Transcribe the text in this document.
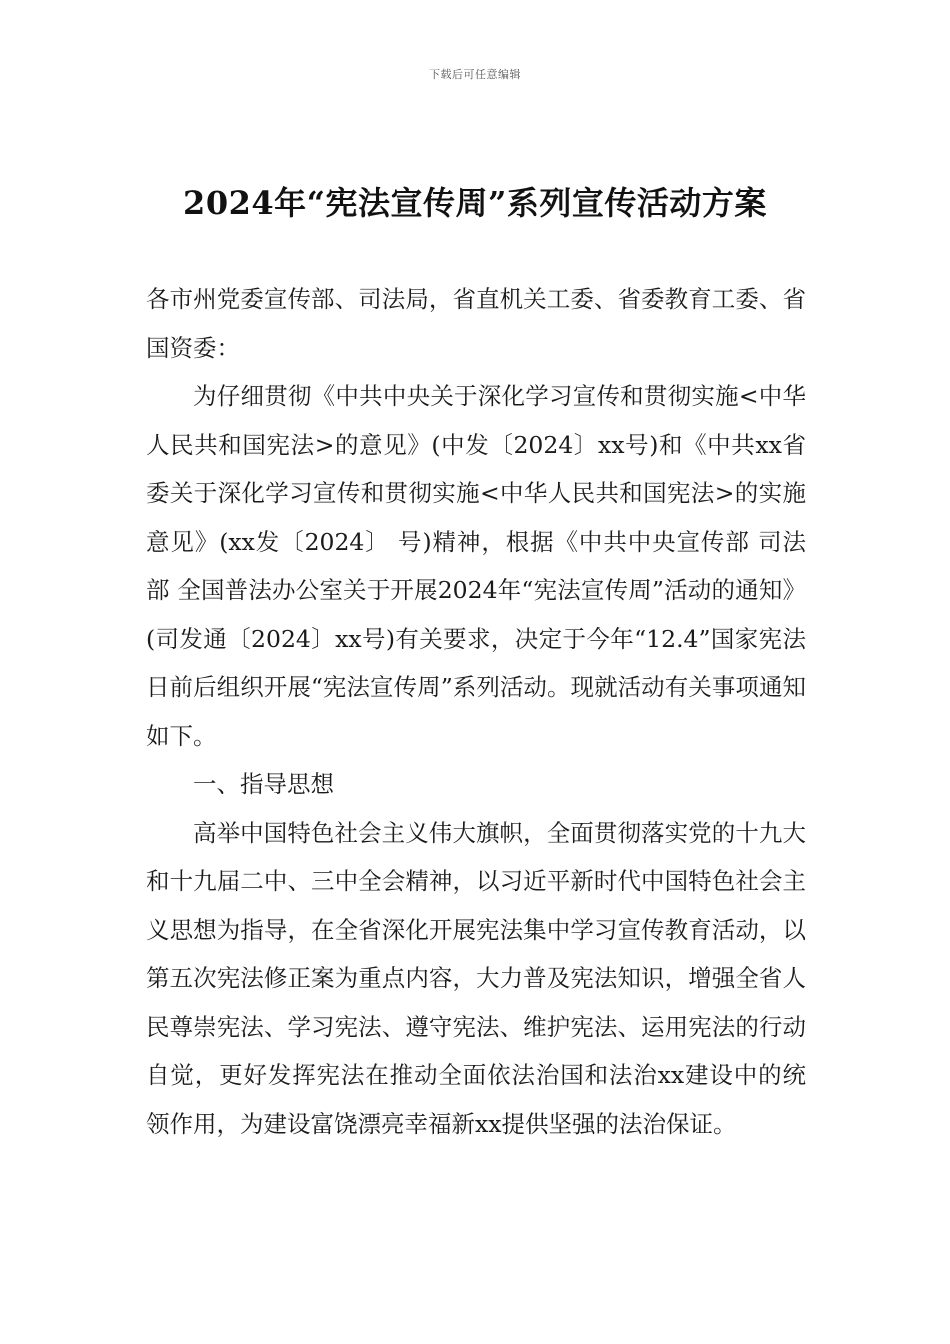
下载后可任意编辑
2024年“宪法宣传周”系列宣传活动方案

各市州党委宣传部、司法局，省直机关工委、省委教育工委、省国资委：

为仔细贯彻《中共中央关于深化学习宣传和贯彻实施<中华人民共和国宪法>的意见》(中发〔2024〕xx号)和《中共xx省委关于深化学习宣传和贯彻实施<中华人民共和国宪法>的实施意见》(xx发〔2024〕 号)精神，根据《中共中央宣传部 司法部 全国普法办公室关于开展2024年“宪法宣传周”活动的通知》(司发通〔2024〕xx号)有关要求，决定于今年“12.4”国家宪法日前后组织开展“宪法宣传周”系列活动。现就活动有关事项通知如下。

一、指导思想

高举中国特色社会主义伟大旗帜，全面贯彻落实党的十九大和十九届二中、三中全会精神，以习近平新时代中国特色社会主义思想为指导，在全省深化开展宪法集中学习宣传教育活动，以第五次宪法修正案为重点内容，大力普及宪法知识，增强全省人民尊崇宪法、学习宪法、遵守宪法、维护宪法、运用宪法的行动自觉，更好发挥宪法在推动全面依法治国和法治xx建设中的统领作用，为建设富饶漂亮幸福新xx提供坚强的法治保证。
